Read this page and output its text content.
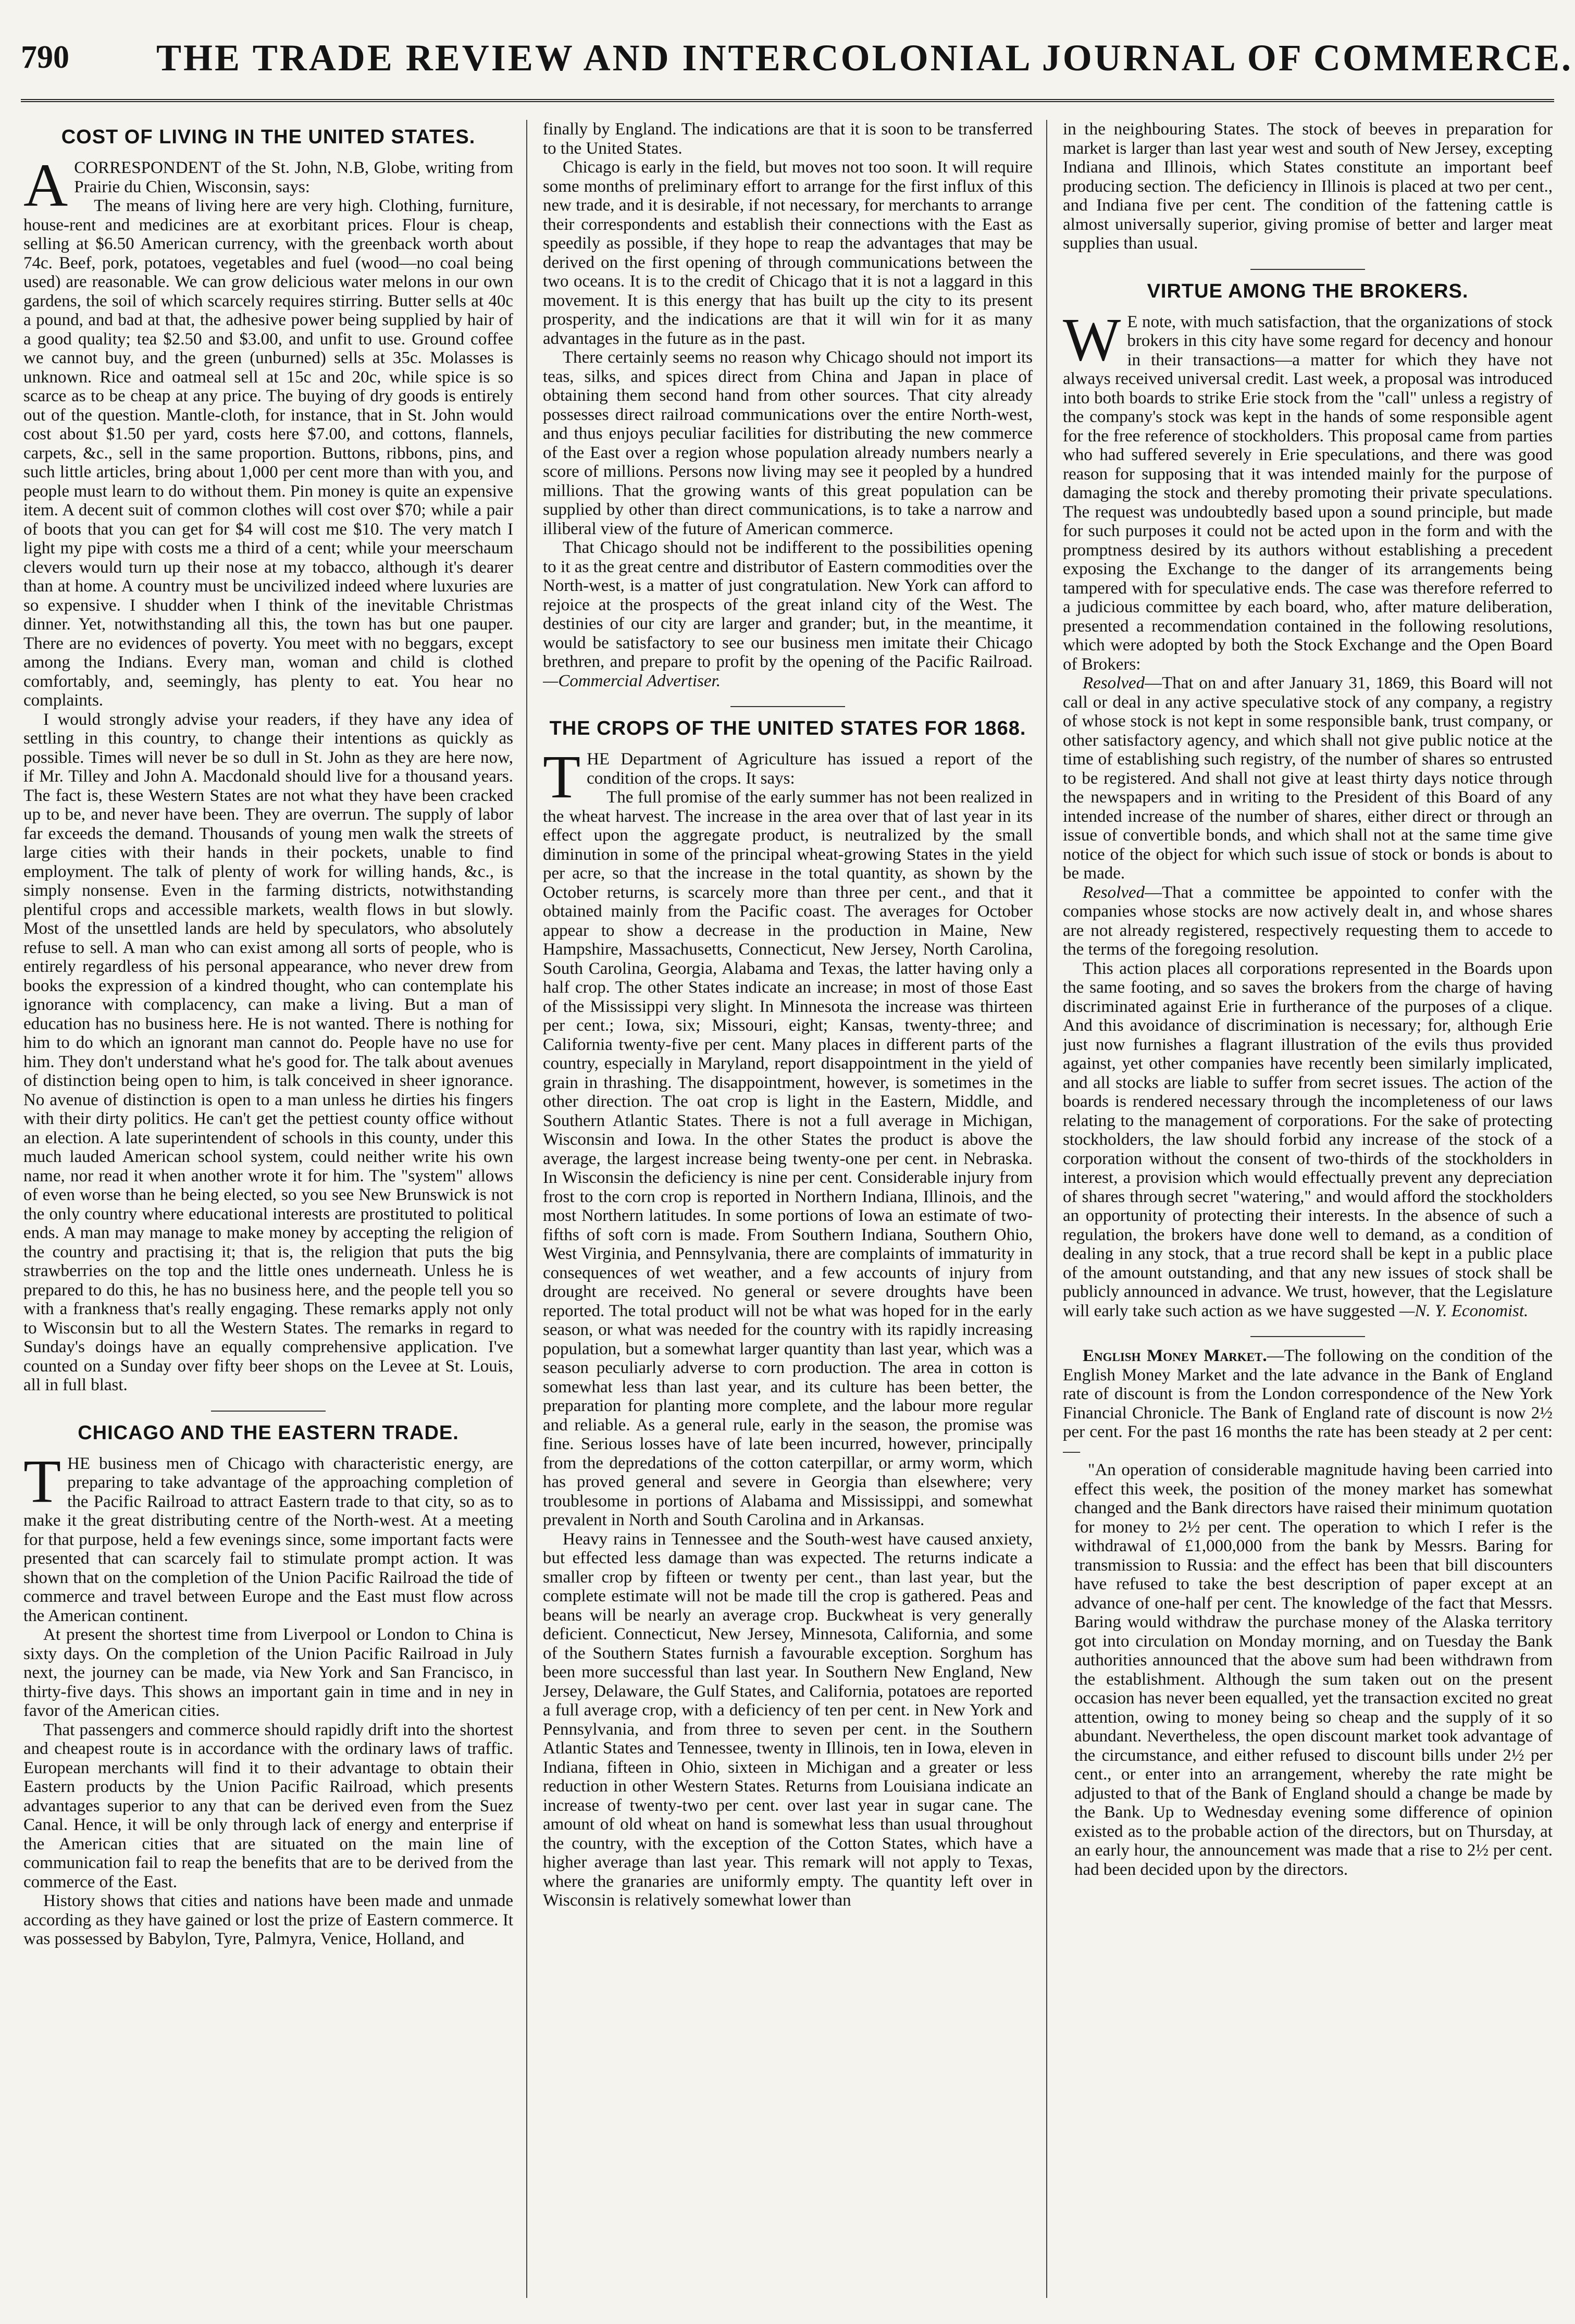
790 THE TRADE REVIEW AND INTERCOLONIAL JOURNAL OF COMMERCE.
COST OF LIVING IN THE UNITED STATES.

ACORRESPONDENT of the St. John, N.B, Globe, writing from Prairie du Chien, Wisconsin, says:

The means of living here are very high. Clothing, furniture, house-rent and medicines are at exorbitant prices. Flour is cheap, selling at $6.50 American currency, with the greenback worth about 74c. Beef, pork, potatoes, vegetables and fuel (wood—no coal being used) are reasonable. We can grow delicious water melons in our own gardens, the soil of which scarcely requires stirring. Butter sells at 40c a pound, and bad at that, the adhesive power being supplied by hair of a good quality; tea $2.50 and $3.00, and unfit to use. Ground coffee we cannot buy, and the green (unburned) sells at 35c. Molasses is unknown. Rice and oatmeal sell at 15c and 20c, while spice is so scarce as to be cheap at any price. The buying of dry goods is entirely out of the question. Mantle-cloth, for instance, that in St. John would cost about $1.50 per yard, costs here $7.00, and cottons, flannels, carpets, &c., sell in the same proportion. Buttons, ribbons, pins, and such little articles, bring about 1,000 per cent more than with you, and people must learn to do without them. Pin money is quite an expensive item. A decent suit of common clothes will cost over $70; while a pair of boots that you can get for $4 will cost me $10. The very match I light my pipe with costs me a third of a cent; while your meerschaum clevers would turn up their nose at my tobacco, although it's dearer than at home. A country must be uncivilized indeed where luxuries are so expensive. I shudder when I think of the inevitable Christmas dinner. Yet, notwithstanding all this, the town has but one pauper. There are no evidences of poverty. You meet with no beggars, except among the Indians. Every man, woman and child is clothed comfortably, and, seemingly, has plenty to eat. You hear no complaints.

I would strongly advise your readers, if they have any idea of settling in this country, to change their intentions as quickly as possible. Times will never be so dull in St. John as they are here now, if Mr. Tilley and John A. Macdonald should live for a thousand years. The fact is, these Western States are not what they have been cracked up to be, and never have been. They are overrun. The supply of labor far exceeds the demand. Thousands of young men walk the streets of large cities with their hands in their pockets, unable to find employment. The talk of plenty of work for willing hands, &c., is simply nonsense. Even in the farming districts, notwithstanding plentiful crops and accessible markets, wealth flows in but slowly. Most of the unsettled lands are held by speculators, who absolutely refuse to sell. A man who can exist among all sorts of people, who is entirely regardless of his personal appearance, who never drew from books the expression of a kindred thought, who can contemplate his ignorance with complacency, can make a living. But a man of education has no business here. He is not wanted. There is nothing for him to do which an ignorant man cannot do. People have no use for him. They don't understand what he's good for. The talk about avenues of distinction being open to him, is talk conceived in sheer ignorance. No avenue of distinction is open to a man unless he dirties his fingers with their dirty politics. He can't get the pettiest county office without an election. A late superintendent of schools in this county, under this much lauded American school system, could neither write his own name, nor read it when another wrote it for him. The "system" allows of even worse than he being elected, so you see New Brunswick is not the only country where educational interests are prostituted to political ends. A man may manage to make money by accepting the religion of the country and practising it; that is, the religion that puts the big strawberries on the top and the little ones underneath. Unless he is prepared to do this, he has no business here, and the people tell you so with a frankness that's really engaging. These remarks apply not only to Wisconsin but to all the Western States. The remarks in regard to Sunday's doings have an equally comprehensive application. I've counted on a Sunday over fifty beer shops on the Levee at St. Louis, all in full blast.

CHICAGO AND THE EASTERN TRADE.

THE business men of Chicago with characteristic energy, are preparing to take advantage of the approaching completion of the Pacific Railroad to attract Eastern trade to that city, so as to make it the great distributing centre of the North-west. At a meeting for that purpose, held a few evenings since, some important facts were presented that can scarcely fail to stimulate prompt action. It was shown that on the completion of the Union Pacific Railroad the tide of commerce and travel between Europe and the East must flow across the American continent.

At present the shortest time from Liverpool or London to China is sixty days. On the completion of the Union Pacific Railroad in July next, the journey can be made, via New York and San Francisco, in thirty-five days. This shows an important gain in time and in ney in favor of the American cities.

That passengers and commerce should rapidly drift into the shortest and cheapest route is in accordance with the ordinary laws of traffic. European merchants will find it to their advantage to obtain their Eastern products by the Union Pacific Railroad, which presents advantages superior to any that can be derived even from the Suez Canal. Hence, it will be only through lack of energy and enterprise if the American cities that are situated on the main line of communication fail to reap the benefits that are to be derived from the commerce of the East.

History shows that cities and nations have been made and unmade according as they have gained or lost the prize of Eastern commerce. It was possessed by Babylon, Tyre, Palmyra, Venice, Holland, and

finally by England. The indications are that it is soon to be transferred to the United States.

Chicago is early in the field, but moves not too soon. It will require some months of preliminary effort to arrange for the first influx of this new trade, and it is desirable, if not necessary, for merchants to arrange their correspondents and establish their connections with the East as speedily as possible, if they hope to reap the advantages that may be derived on the first opening of through communications between the two oceans. It is to the credit of Chicago that it is not a laggard in this movement. It is this energy that has built up the city to its present prosperity, and the indications are that it will win for it as many advantages in the future as in the past.

There certainly seems no reason why Chicago should not import its teas, silks, and spices direct from China and Japan in place of obtaining them second hand from other sources. That city already possesses direct railroad communications over the entire North-west, and thus enjoys peculiar facilities for distributing the new commerce of the East over a region whose population already numbers nearly a score of millions. Persons now living may see it peopled by a hundred millions. That the growing wants of this great population can be supplied by other than direct communications, is to take a narrow and illiberal view of the future of American commerce.

That Chicago should not be indifferent to the possibilities opening to it as the great centre and distributor of Eastern commodities over the North-west, is a matter of just congratulation. New York can afford to rejoice at the prospects of the great inland city of the West. The destinies of our city are larger and grander; but, in the meantime, it would be satisfactory to see our business men imitate their Chicago brethren, and prepare to profit by the opening of the Pacific Railroad.—Commercial Advertiser.

THE CROPS OF THE UNITED STATES FOR 1868.

THE Department of Agriculture has issued a report of the condition of the crops. It says:

The full promise of the early summer has not been realized in the wheat harvest. The increase in the area over that of last year in its effect upon the aggregate product, is neutralized by the small diminution in some of the principal wheat-growing States in the yield per acre, so that the increase in the total quantity, as shown by the October returns, is scarcely more than three per cent., and that it obtained mainly from the Pacific coast. The averages for October appear to show a decrease in the production in Maine, New Hampshire, Massachusetts, Connecticut, New Jersey, North Carolina, South Carolina, Georgia, Alabama and Texas, the latter having only a half crop. The other States indicate an increase; in most of those East of the Mississippi very slight. In Minnesota the increase was thirteen per cent.; Iowa, six; Missouri, eight; Kansas, twenty-three; and California twenty-five per cent. Many places in different parts of the country, especially in Maryland, report disappointment in the yield of grain in thrashing. The disappointment, however, is sometimes in the other direction. The oat crop is light in the Eastern, Middle, and Southern Atlantic States. There is not a full average in Michigan, Wisconsin and Iowa. In the other States the product is above the average, the largest increase being twenty-one per cent. in Nebraska. In Wisconsin the deficiency is nine per cent. Considerable injury from frost to the corn crop is reported in Northern Indiana, Illinois, and the most Northern latitudes. In some portions of Iowa an estimate of two-fifths of soft corn is made. From Southern Indiana, Southern Ohio, West Virginia, and Pennsylvania, there are complaints of immaturity in consequences of wet weather, and a few accounts of injury from drought are received. No general or severe droughts have been reported. The total product will not be what was hoped for in the early season, or what was needed for the country with its rapidly increasing population, but a somewhat larger quantity than last year, which was a season peculiarly adverse to corn production. The area in cotton is somewhat less than last year, and its culture has been better, the preparation for planting more complete, and the labour more regular and reliable. As a general rule, early in the season, the promise was fine. Serious losses have of late been incurred, however, principally from the depredations of the cotton caterpillar, or army worm, which has proved general and severe in Georgia than elsewhere; very troublesome in portions of Alabama and Mississippi, and somewhat prevalent in North and South Carolina and in Arkansas.

Heavy rains in Tennessee and the South-west have caused anxiety, but effected less damage than was expected. The returns indicate a smaller crop by fifteen or twenty per cent., than last year, but the complete estimate will not be made till the crop is gathered. Peas and beans will be nearly an average crop. Buckwheat is very generally deficient. Connecticut, New Jersey, Minnesota, California, and some of the Southern States furnish a favourable exception. Sorghum has been more successful than last year. In Southern New England, New Jersey, Delaware, the Gulf States, and California, potatoes are reported a full average crop, with a deficiency of ten per cent. in New York and Pennsylvania, and from three to seven per cent. in the Southern Atlantic States and Tennessee, twenty in Illinois, ten in Iowa, eleven in Indiana, fifteen in Ohio, sixteen in Michigan and a greater or less reduction in other Western States. Returns from Louisiana indicate an increase of twenty-two per cent. over last year in sugar cane. The amount of old wheat on hand is somewhat less than usual throughout the country, with the exception of the Cotton States, which have a higher average than last year. This remark will not apply to Texas, where the granaries are uniformly empty. The quantity left over in Wisconsin is relatively somewhat lower than

in the neighbouring States. The stock of beeves in preparation for market is larger than last year west and south of New Jersey, excepting Indiana and Illinois, which States constitute an important beef producing section. The deficiency in Illinois is placed at two per cent., and Indiana five per cent. The condition of the fattening cattle is almost universally superior, giving promise of better and larger meat supplies than usual.

VIRTUE AMONG THE BROKERS.

W E note, with much satisfaction, that the organizations of stock brokers in this city have some regard for decency and honour in their transactions—a matter for which they have not always received universal credit. Last week, a proposal was introduced into both boards to strike Erie stock from the "call" unless a registry of the company's stock was kept in the hands of some responsible agent for the free reference of stockholders. This proposal came from parties who had suffered severely in Erie speculations, and there was good reason for supposing that it was intended mainly for the purpose of damaging the stock and thereby promoting their private speculations. The request was undoubtedly based upon a sound principle, but made for such purposes it could not be acted upon in the form and with the promptness desired by its authors without establishing a precedent exposing the Exchange to the danger of its arrangements being tampered with for speculative ends. The case was therefore referred to a judicious committee by each board, who, after mature deliberation, presented a recommendation contained in the following resolutions, which were adopted by both the Stock Exchange and the Open Board of Brokers:

Resolved—That on and after January 31, 1869, this Board will not call or deal in any active speculative stock of any company, a registry of whose stock is not kept in some responsible bank, trust company, or other satisfactory agency, and which shall not give public notice at the time of establishing such registry, of the number of shares so entrusted to be registered. And shall not give at least thirty days notice through the newspapers and in writing to the President of this Board of any intended increase of the number of shares, either direct or through an issue of convertible bonds, and which shall not at the same time give notice of the object for which such issue of stock or bonds is about to be made.

Resolved—That a committee be appointed to confer with the companies whose stocks are now actively dealt in, and whose shares are not already registered, respectively requesting them to accede to the terms of the foregoing resolution.

This action places all corporations represented in the Boards upon the same footing, and so saves the brokers from the charge of having discriminated against Erie in furtherance of the purposes of a clique. And this avoidance of discrimination is necessary; for, although Erie just now furnishes a flagrant illustration of the evils thus provided against, yet other companies have recently been similarly implicated, and all stocks are liable to suffer from secret issues. The action of the boards is rendered necessary through the incompleteness of our laws relating to the management of corporations. For the sake of protecting stockholders, the law should forbid any increase of the stock of a corporation without the consent of two-thirds of the stockholders in interest, a provision which would effectually prevent any depreciation of shares through secret "watering," and would afford the stockholders an opportunity of protecting their interests. In the absence of such a regulation, the brokers have done well to demand, as a condition of dealing in any stock, that a true record shall be kept in a public place of the amount outstanding, and that any new issues of stock shall be publicly announced in advance. We trust, however, that the Legislature will early take such action as we have suggested —N. Y. Economist.

English Money Market.—The following on the condition of the English Money Market and the late advance in the Bank of England rate of discount is from the London correspondence of the New York Financial Chronicle. The Bank of England rate of discount is now 2½ per cent. For the past 16 months the rate has been steady at 2 per cent:—

"An operation of considerable magnitude having been carried into effect this week, the position of the money market has somewhat changed and the Bank directors have raised their minimum quotation for money to 2½ per cent. The operation to which I refer is the withdrawal of £1,000,000 from the bank by Messrs. Baring for transmission to Russia: and the effect has been that bill discounters have refused to take the best description of paper except at an advance of one-half per cent. The knowledge of the fact that Messrs. Baring would withdraw the purchase money of the Alaska territory got into circulation on Monday morning, and on Tuesday the Bank authorities announced that the above sum had been withdrawn from the establishment. Although the sum taken out on the present occasion has never been equalled, yet the transaction excited no great attention, owing to money being so cheap and the supply of it so abundant. Nevertheless, the open discount market took advantage of the circumstance, and either refused to discount bills under 2½ per cent., or enter into an arrangement, whereby the rate might be adjusted to that of the Bank of England should a change be made by the Bank. Up to Wednesday evening some difference of opinion existed as to the probable action of the directors, but on Thursday, at an early hour, the announcement was made that a rise to 2½ per cent. had been decided upon by the directors.
